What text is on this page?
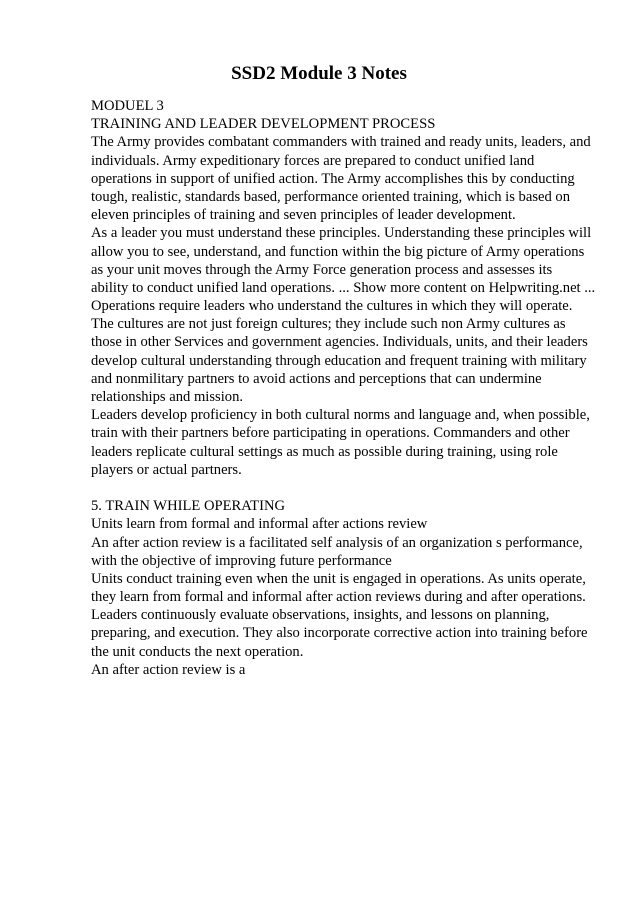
SSD2 Module 3 Notes
MODUEL 3
TRAINING AND LEADER DEVELOPMENT PROCESS
The Army provides combatant commanders with trained and ready units, leaders, and
individuals. Army expeditionary forces are prepared to conduct unified land
operations in support of unified action. The Army accomplishes this by conducting
tough, realistic, standards based, performance oriented training, which is based on
eleven principles of training and seven principles of leader development.
As a leader you must understand these principles. Understanding these principles will
allow you to see, understand, and function within the big picture of Army operations
as your unit moves through the Army Force generation process and assesses its
ability to conduct unified land operations. ... Show more content on Helpwriting.net ...
Operations require leaders who understand the cultures in which they will operate.
The cultures are not just foreign cultures; they include such non Army cultures as
those in other Services and government agencies. Individuals, units, and their leaders
develop cultural understanding through education and frequent training with military
and nonmilitary partners to avoid actions and perceptions that can undermine
relationships and mission.
Leaders develop proficiency in both cultural norms and language and, when possible,
train with their partners before participating in operations. Commanders and other
leaders replicate cultural settings as much as possible during training, using role
players or actual partners.
5. TRAIN WHILE OPERATING
Units learn from formal and informal after actions review
An after action review is a facilitated self analysis of an organization s performance,
with the objective of improving future performance
Units conduct training even when the unit is engaged in operations. As units operate,
they learn from formal and informal after action reviews during and after operations.
Leaders continuously evaluate observations, insights, and lessons on planning,
preparing, and execution. They also incorporate corrective action into training before
the unit conducts the next operation.
An after action review is a
